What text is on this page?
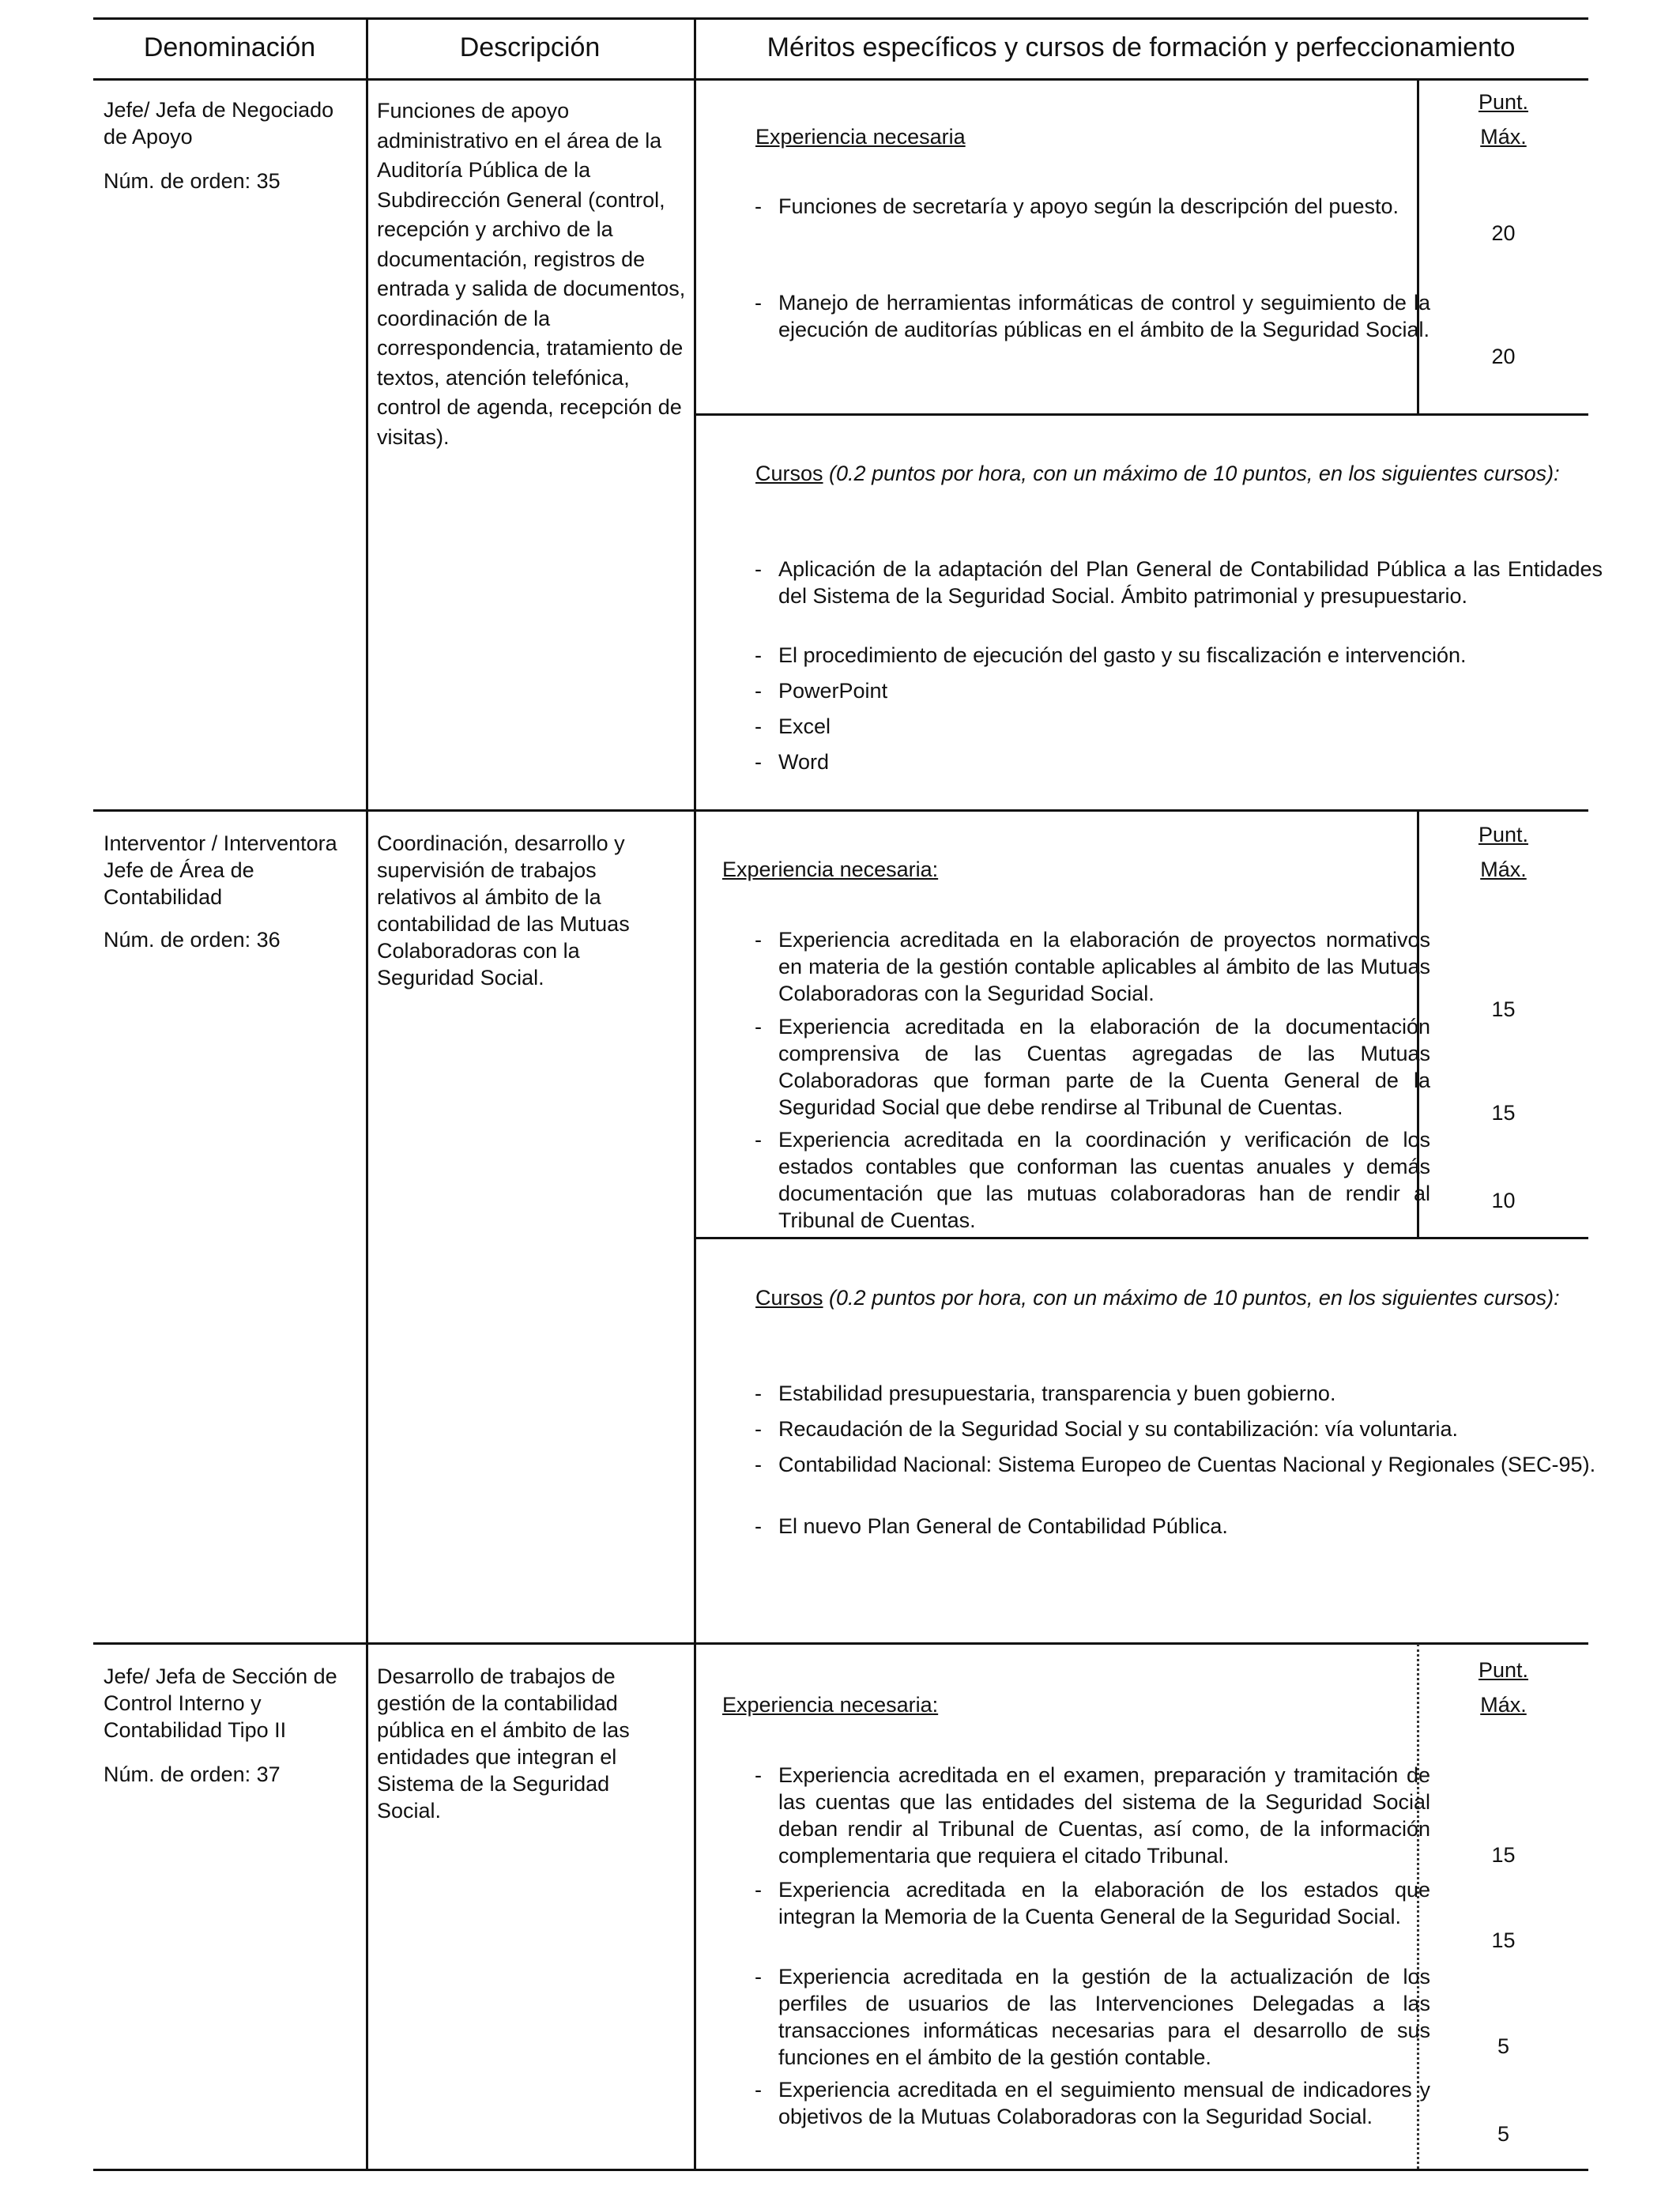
Denominación	Descripción	Méritos específicos y cursos de formación y perfeccionamiento
Jefe/ Jefa de Negociado de Apoyo
Núm. de orden: 35
Funciones de apoyo administrativo en el área de la Auditoría Pública de la Subdirección General (control, recepción y archivo de la documentación, registros de entrada y salida de documentos, coordinación de la correspondencia, tratamiento de textos, atención telefónica, control de agenda, recepción de visitas).
Experiencia necesaria
Punt.
Máx.
- Funciones de secretaría y apoyo según la descripción del puesto.
20
- Manejo de herramientas informáticas de control y seguimiento de la ejecución de auditorías públicas en el ámbito de la Seguridad Social.
20
Cursos (0.2 puntos por hora, con un máximo de 10 puntos, en los siguientes cursos):
- Aplicación de la adaptación del Plan General de Contabilidad Pública a las Entidades del Sistema de la Seguridad Social. Ámbito patrimonial y presupuestario.
- El procedimiento de ejecución del gasto y su fiscalización e intervención.
- PowerPoint
- Excel
- Word
Interventor / Interventora Jefe de Área de Contabilidad
Núm. de orden: 36
Coordinación, desarrollo y supervisión de trabajos relativos al ámbito de la contabilidad de las Mutuas Colaboradoras con la Seguridad Social.
Experiencia necesaria:
Punt.
Máx.
- Experiencia acreditada en la elaboración de proyectos normativos en materia de la gestión contable aplicables al ámbito de las Mutuas Colaboradoras con la Seguridad Social.
15
- Experiencia acreditada en la elaboración de la documentación comprensiva de las Cuentas agregadas de las Mutuas Colaboradoras que forman parte de la Cuenta General de la Seguridad Social que debe rendirse al Tribunal de Cuentas.	15
- Experiencia acreditada en la coordinación y verificación de los estados contables que conforman las cuentas anuales y demás documentación que las mutuas colaboradoras han de rendir al Tribunal de Cuentas.
10
Cursos (0.2 puntos por hora, con un máximo de 10 puntos, en los siguientes cursos):
- Estabilidad presupuestaria, transparencia y buen gobierno.
- Recaudación de la Seguridad Social y su contabilización: vía voluntaria.
- Contabilidad Nacional: Sistema Europeo de Cuentas Nacional y Regionales (SEC-95).
- El nuevo Plan General de Contabilidad Pública.
Jefe/ Jefa de Sección de Control Interno y Contabilidad Tipo II
Núm. de orden: 37
Desarrollo de trabajos de gestión de la contabilidad pública en el ámbito de las entidades que integran el Sistema de la Seguridad Social.
Experiencia necesaria:
Punt.
Máx.
- Experiencia acreditada en el examen, preparación y tramitación de las cuentas que las entidades del sistema de la Seguridad Social deban rendir al Tribunal de Cuentas, así como, de la información complementaria que requiera el citado Tribunal.	15
- Experiencia acreditada en la elaboración de los estados que integran la Memoria de la Cuenta General de la Seguridad Social.
15
- Experiencia acreditada en la gestión de la actualización de los perfiles de usuarios de las Intervenciones Delegadas a las transacciones informáticas necesarias para el desarrollo de sus funciones en el ámbito de la gestión contable.	5
- Experiencia acreditada en el seguimiento mensual de indicadores y objetivos de la Mutuas Colaboradoras con la Seguridad Social.
5
